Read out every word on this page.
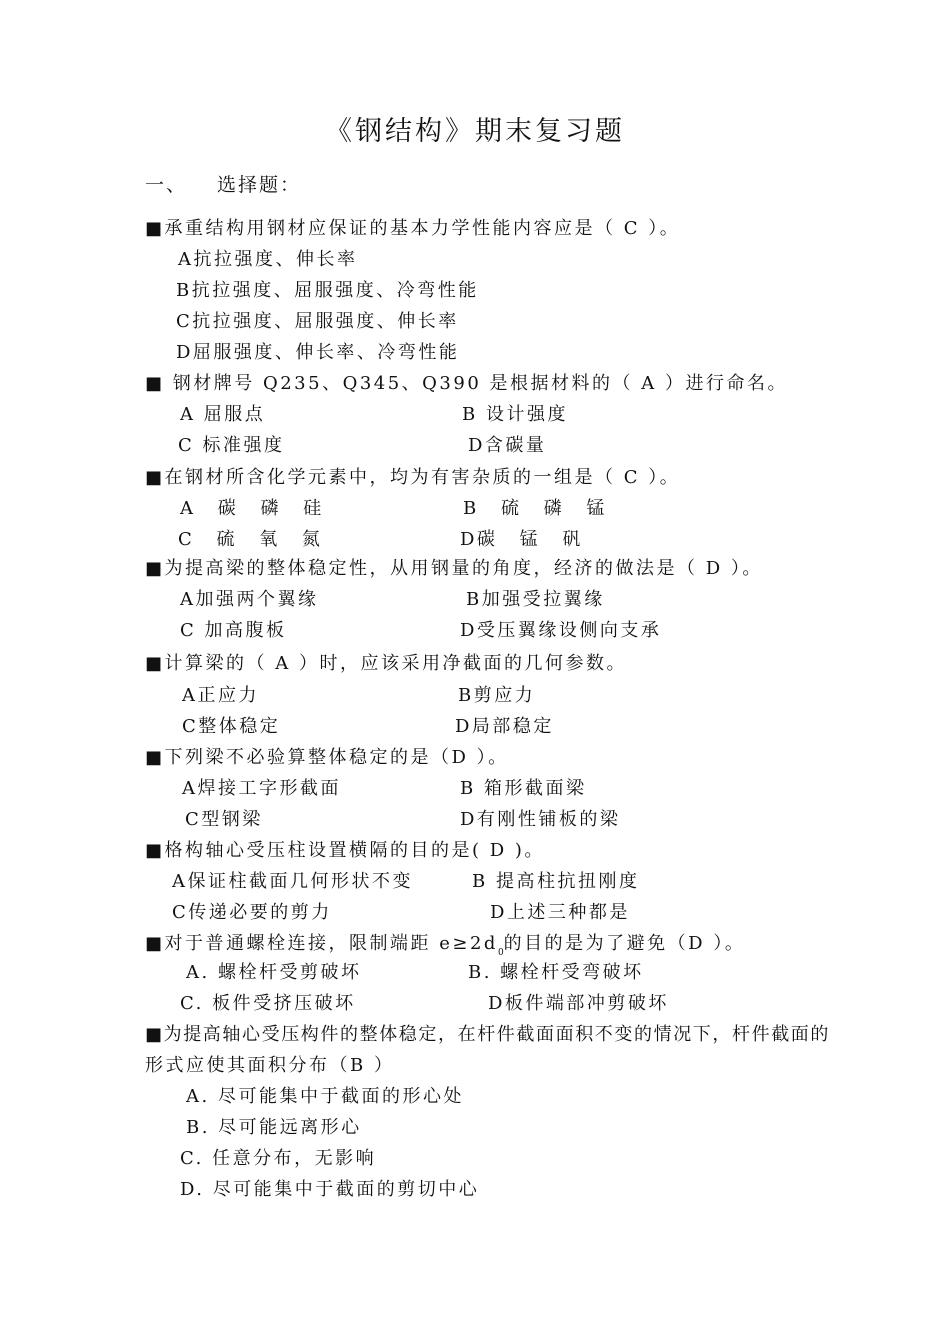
《钢结构》期末复习题
一、 选择题：
■承重结构用钢材应保证的基本力学性能内容应是（ C ）。
A抗拉强度、伸长率
B抗拉强度、屈服强度、冷弯性能
C抗拉强度、屈服强度、伸长率
D屈服强度、伸长率、冷弯性能
■ 钢材牌号 Q235、Q345、Q390 是根据材料的（ A ）进行命名。
A 屈服点	B 设计强度
C 标准强度	D含碳量
■在钢材所含化学元素中，均为有害杂质的一组是（ C ）。
A 碳 磷 硅	B 硫 磷 锰
C 硫 氧 氮	D碳 锰 矾
■为提高梁的整体稳定性，从用钢量的角度，经济的做法是（ D ）。
A加强两个翼缘	B加强受拉翼缘
C 加高腹板	D受压翼缘设侧向支承
■计算梁的（ A ）时，应该采用净截面的几何参数。
A正应力	B剪应力
C整体稳定	D局部稳定
■下列梁不必验算整体稳定的是（D ）。
A焊接工字形截面	B 箱形截面梁
C型钢梁	D有刚性铺板的梁
■格构轴心受压柱设置横隔的目的是( D )。
A保证柱截面几何形状不变	B 提高柱抗扭刚度
C传递必要的剪力	D上述三种都是
■对于普通螺栓连接，限制端距 $e\ge 2d_0$的目的是为了避免（D ）。
A. 螺栓杆受剪破坏	B. 螺栓杆受弯破坏
C. 板件受挤压破坏	D板件端部冲剪破坏
■为提高轴心受压构件的整体稳定，在杆件截面面积不变的情况下，杆件截面的
形式应使其面积分布（B ）
A. 尽可能集中于截面的形心处
B. 尽可能远离形心
C. 任意分布，无影响
D. 尽可能集中于截面的剪切中心
